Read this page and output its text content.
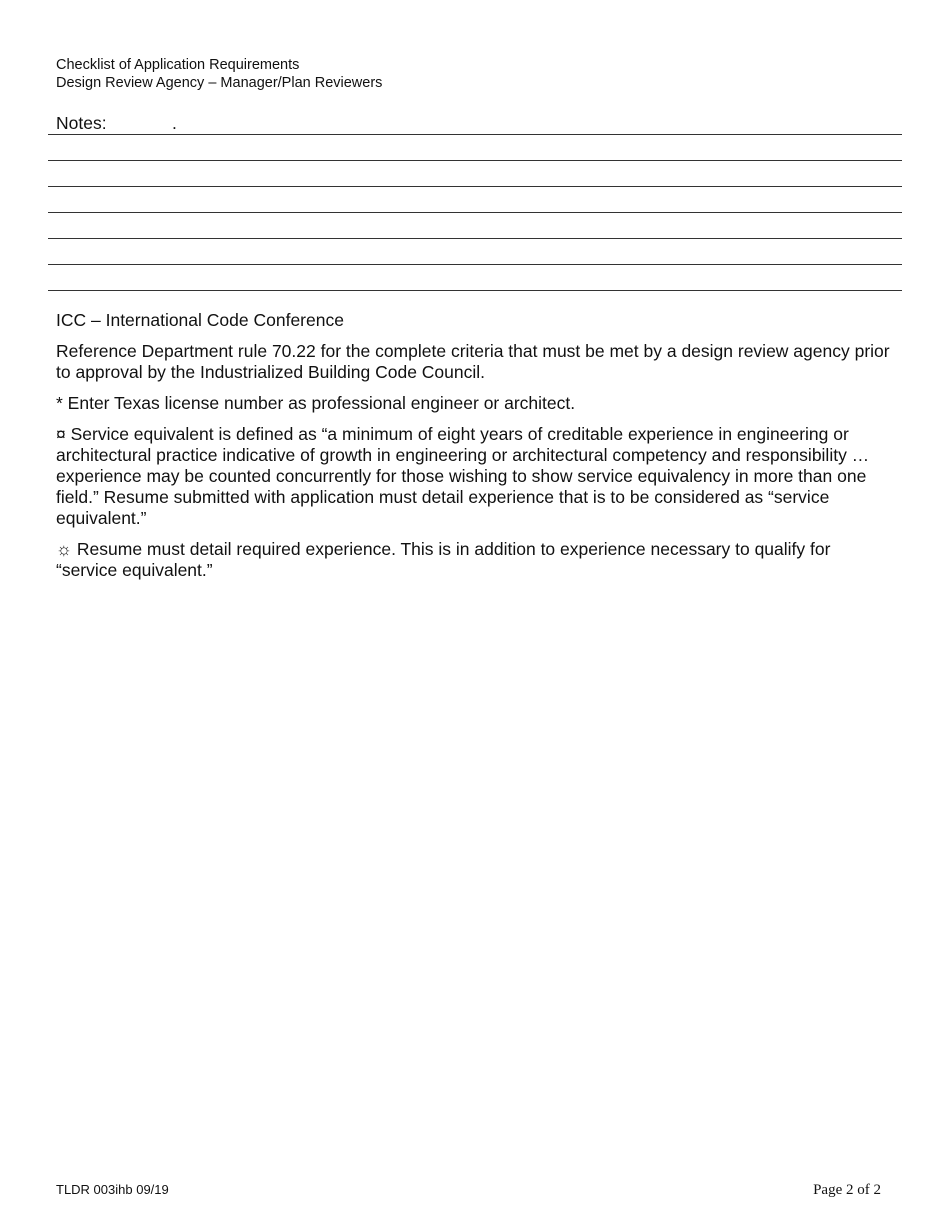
Checklist of Application Requirements
Design Review Agency – Manager/Plan Reviewers
Notes:	.

ICC – International Code Conference

Reference Department rule 70.22 for the complete criteria that must be met by a design review agency prior to approval by the Industrialized Building Code Council.

* Enter Texas license number as professional engineer or architect.

¤ Service equivalent is defined as “a minimum of eight years of creditable experience in engineering or architectural practice indicative of growth in engineering or architectural competency and responsibility … experience may be counted concurrently for those wishing to show service equivalency in more than one field.” Resume submitted with application must detail experience that is to be considered as “service equivalent.”

☼ Resume must detail required experience. This is in addition to experience necessary to qualify for “service equivalent.”

TLDR 003ihb 09/19	Page 2 of 2
